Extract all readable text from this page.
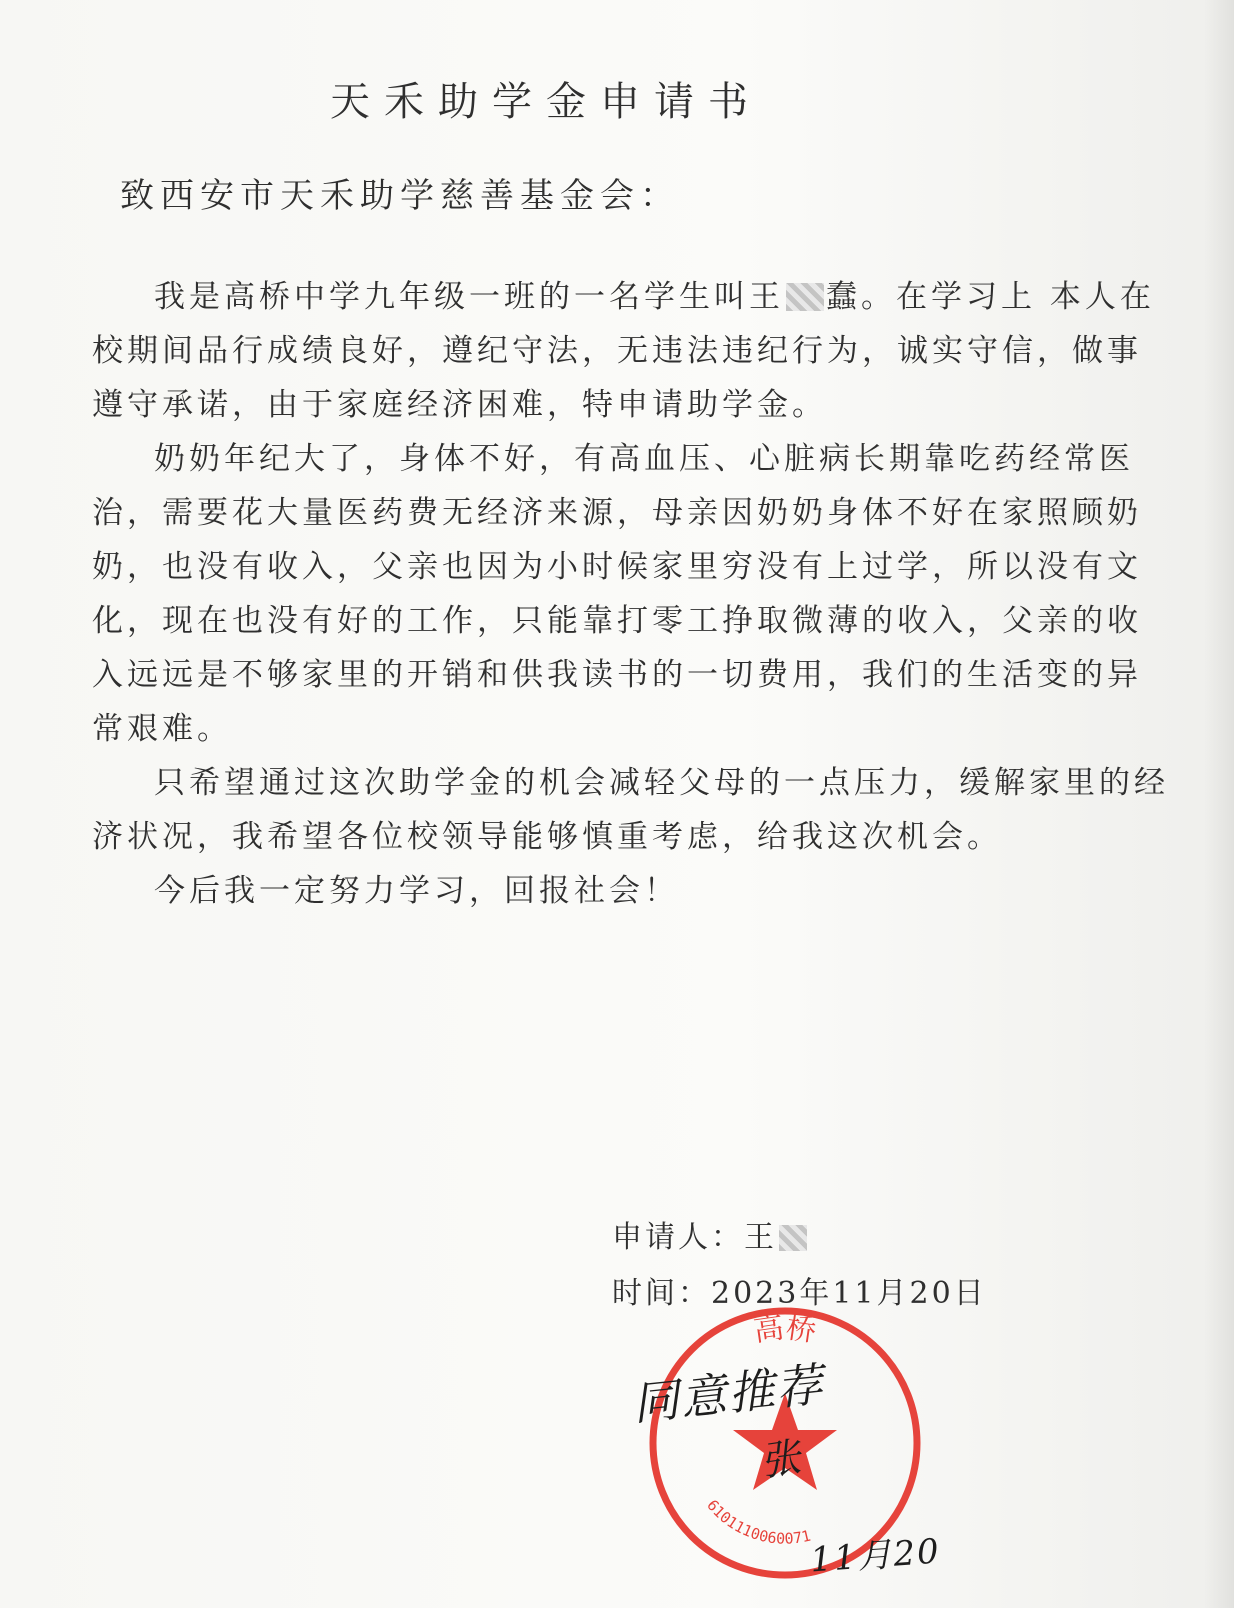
天禾助学金申请书
致西安市天禾助学慈善基金会：

我是高桥中学九年级一班的一名学生叫王 蠢。在学习上 本人在校期间品行成绩良好，遵纪守法，无违法违纪行为，诚实守信，做事遵守承诺，由于家庭经济困难，特申请助学金。

奶奶年纪大了，身体不好，有高血压、心脏病长期靠吃药经常医治，需要花大量医药费无经济来源，母亲因奶奶身体不好在家照顾奶奶，也没有收入，父亲也因为小时候家里穷没有上过学，所以没有文化，现在也没有好的工作，只能靠打零工挣取微薄的收入，父亲的收入远远是不够家里的开销和供我读书的一切费用，我们的生活变的异常艰难。

只希望通过这次助学金的机会减轻父母的一点压力，缓解家里的经济状况，我希望各位校领导能够慎重考虑，给我这次机会。

今后我一定努力学习，回报社会！

申请人：王
时间：2023年11月20日
高桥
6101110060071
同意推荐
张
11月20
